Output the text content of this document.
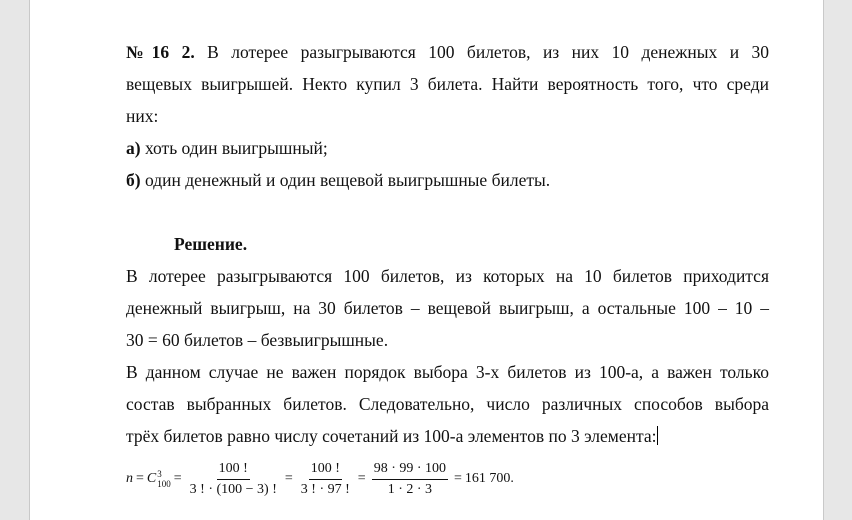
№16 2. В лотерее разыгрываются 100 билетов, из них 10 денежных и 30

вещевых выигрышей. Некто купил 3 билета. Найти вероятность того, что среди

них:

а) хоть один выигрышный;

б) один денежный и один вещевой выигрышные билеты.

Решение.

В лотерее разыгрываются 100 билетов, из которых на 10 билетов приходится

денежный выигрыш, на 30 билетов – вещевой выигрыш, а остальные 100 – 10 –

30 = 60 билетов – безвыигрышные.

В данном случае не важен порядок выбора 3-х билетов из 100-а, а важен только

состав выбранных билетов. Следовательно, число различных способов выбора

трёх билетов равно числу сочетаний из 100-а элементов по 3 элемента:

n = C 3
$100 = \frac{100 !}{3 ! \cdot (100 - 3) !} = \frac{100 !}{3 ! \cdot 97 !} = \frac{98 \cdot 99 \cdot 100}{1 \cdot 2 \cdot 3} = 161$ 700 .
